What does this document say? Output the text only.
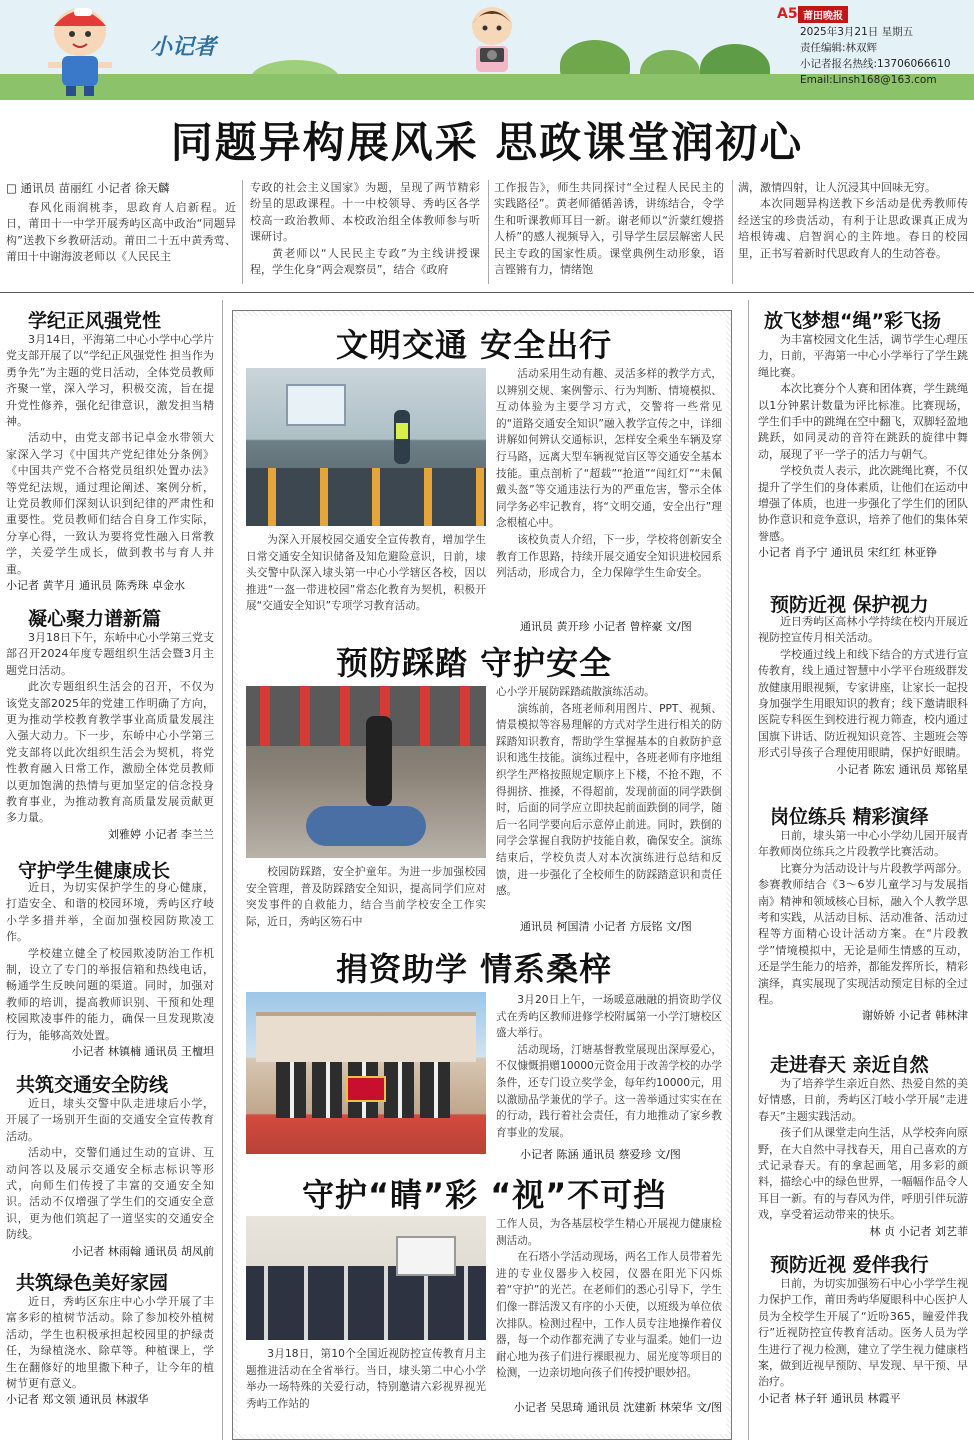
小记者
A5 莆田晚报
2025年3月21日 星期五
责任编辑:林双辉
小记者报名热线:13706066610
Email:Linsh168@163.com
同题异构展风采 思政课堂润初心
□ 通讯员 苗丽红 小记者 徐天麟

春风化雨润桃李，思政育人启新程。近日，莆田十一中学开展秀屿区高中政治“同题异构”送教下乡教研活动。莆田二十五中黄秀莺、莆田十中谢海波老师以《人民民主

专政的社会主义国家》为题，呈现了两节精彩纷呈的思政课程。十一中校领导、秀屿区各学校高一政治教师、本校政治组全体教师参与听课研讨。

黄老师以“人民民主专政”为主线讲授课程，学生化身“两会观察员”，结合《政府

工作报告》，师生共同探讨“全过程人民民主的实践路径”。黄老师循循善诱，讲练结合，令学生和听课教师耳目一新。谢老师以“沂蒙红嫂搭人桥”的感人视频导入，引导学生层层解密人民民主专政的国家性质。课堂典例生动形象，语言铿锵有力，情绪饱

满，激情四射，让人沉浸其中回味无穷。

本次同题异构送教下乡活动是优秀教师传经送宝的珍贵活动，有利于让思政课真正成为培根铸魂、启智润心的主阵地。春日的校园里，正书写着新时代思政育人的生动答卷。

学纪正风强党性

3月14日，平海第二中心小学中心学片党支部开展了以“学纪正风强党性 担当作为勇争先”为主题的党日活动，全体党员教师齐聚一堂，深入学习，积极交流，旨在提升党性修养，强化纪律意识，激发担当精神。

活动中，由党支部书记卓金水带领大家深入学习《中国共产党纪律处分条例》《中国共产党不合格党员组织处置办法》等党纪法规，通过理论阐述、案例分析，让党员教师们深刻认识到纪律的严肃性和重要性。党员教师们结合自身工作实际，分享心得，一致认为要将党性融入日常教学，关爱学生成长，做到教书与育人并重。

小记者 黄芊月 通讯员 陈秀珠 卓金水
凝心聚力谱新篇

3月18日下午，东峤中心小学第三党支部召开2024年度专题组织生活会暨3月主题党日活动。

此次专题组织生活会的召开，不仅为该党支部2025年的党建工作明确了方向，更为推动学校教育教学事业高质量发展注入强大动力。下一步，东峤中心小学第三党支部将以此次组织生活会为契机，将党性教育融入日常工作，激励全体党员教师以更加饱满的热情与更加坚定的信念投身教育事业，为推动教育高质量发展贡献更多力量。

刘雅婷 小记者 李兰兰
守护学生健康成长

近日，为切实保护学生的身心健康，打造安全、和谐的校园环境，秀屿区疗岐小学多措并举，全面加强校园防欺凌工作。

学校建立健全了校园欺凌防治工作机制，设立了专门的举报信箱和热线电话，畅通学生反映问题的渠道。同时，加强对教师的培训，提高教师识别、干预和处理校园欺凌事件的能力，确保一旦发现欺凌行为，能够高效处置。

小记者 林镇楠 通讯员 王檀坦
共筑交通安全防线

近日，埭头交警中队走进埭后小学，开展了一场别开生面的交通安全宣传教育活动。

活动中，交警们通过生动的宣讲、互动问答以及展示交通安全标志标识等形式，向师生们传授了丰富的交通安全知识。活动不仅增强了学生们的交通安全意识，更为他们筑起了一道坚实的交通安全防线。

小记者 林雨翰 通讯员 胡凤前
共筑绿色美好家园

近日，秀屿区东庄中心小学开展了丰富多彩的植树节活动。除了参加校外植树活动，学生也积极承担起校园里的护绿责任，为绿植浇水、除草等。种植课上，学生在翻修好的地里撒下种子，让今年的植树节更有意义。

小记者 郑文领 通讯员 林淑华
文明交通 安全出行

为深入开展校园交通安全宣传教育，增加学生日常交通安全知识储备及知危避险意识，日前，埭头交警中队深入埭头第一中心小学辖区各校，因以推进“一盔一带进校园”常态化教育为契机，积极开展“交通安全知识”专项学习教育活动。

活动采用生动有趣、灵活多样的教学方式，以辨别交规、案例警示、行为判断、情境模拟、互动体验为主要学习方式，交警将一些常见的“道路交通安全知识”融入教学宣传之中，详细讲解如何辨认交通标识，怎样安全乘坐车辆及穿行马路，远离大型车辆视觉盲区等交通安全基本技能。重点剖析了“超载”“抢道”“闯红灯”“未佩戴头盔”等交通违法行为的严重危害，警示全体同学务必牢记教育，将“文明交通，安全出行”理念根植心中。

该校负责人介绍，下一步，学校将创新安全教育工作思路，持续开展交通安全知识进校园系列活动，形成合力，全力保障学生生命安全。

通讯员 黄开珍 小记者 曾梓豪 文/图
预防踩踏 守护安全

校园防踩踏，安全护童年。为进一步加强校园安全管理，普及防踩踏安全知识，提高同学们应对突发事件的自救能力，结合当前学校安全工作实际，近日，秀屿区笏石中

心小学开展防踩踏疏散演练活动。

演练前，各班老师利用图片、PPT、视频、情景模拟等容易理解的方式对学生进行相关的防踩踏知识教育，帮助学生掌握基本的自救防护意识和逃生技能。演练过程中，各班老师有序地组织学生严格按照规定顺序上下楼，不抢不跑，不得拥挤、推搡，不得超前，发现前面的同学跌倒时，后面的同学应立即抉起前面跌倒的同学，随后一名同学要向后示意停止前进。同时，跌倒的同学会掌握自我防护技能自救，确保安全。演练结束后，学校负责人对本次演练进行总结和反馈，进一步强化了全校师生的防踩踏意识和责任感。

通讯员 柯国清 小记者 方辰铭 文/图
捐资助学 情系桑梓

3月20日上午，一场暖意融融的捐资助学仪式在秀屿区教师进修学校附属第一小学汀塘校区盛大举行。

活动现场，汀塘基督教堂展现出深厚爱心，不仅慷慨捐赠10000元资金用于改善学校的办学条件，还专门设立奖学金，每年约10000元，用以激励品学兼优的学子。这一善举通过实实在在的行动，践行着社会责任，有力地推动了家乡教育事业的发展。

小记者 陈涵 通讯员 蔡爱珍 文/图
守护“睛”彩 “视”不可挡

3月18日，第10个全国近视防控宣传教育月主题推进活动在全省举行。当日，埭头第二中心小学举办一场特殊的关爱行动，特别邀请六彩视界视光秀屿工作站的

工作人员，为各基层校学生精心开展视力健康检测活动。

在石塔小学活动现场，两名工作人员带着先进的专业仪器步入校园，仪器在阳光下闪烁着“守护”的光芒。在老师们的悉心引导下，学生们像一群活泼又有序的小天使，以班级为单位依次排队。检测过程中，工作人员专注地操作着仪器，每一个动作都充满了专业与温柔。她们一边耐心地为孩子们进行裸眼视力、屈光度等项目的检测，一边亲切地向孩子们传授护眼妙招。

小记者 吴思琦 通讯员 沈建新 林荣华 文/图
放飞梦想“绳”彩飞扬

为丰富校园文化生活，调节学生心理压力，日前，平海第一中心小学举行了学生跳绳比赛。

本次比赛分个人赛和团体赛，学生跳绳以1分钟累计数量为评比标准。比赛现场，学生们手中的跳绳在空中翻飞，双脚轻盈地跳跃，如同灵动的音符在跳跃的旋律中舞动，展现了平一学子的活力与朝气。

学校负责人表示，此次跳绳比赛，不仅提升了学生们的身体素质，让他们在运动中增强了体质，也进一步强化了学生们的团队协作意识和竞争意识，培养了他们的集体荣誉感。

小记者 肖予宁 通讯员 宋红红 林亚铮
预防近视 保护视力

近日秀屿区高林小学持续在校内开展近视防控宣传月相关活动。

学校通过线上和线下结合的方式进行宣传教育，线上通过智慧中小学平台班级群发放健康用眼视频，专家讲座，让家长一起投身加强学生用眼知识的教育；线下邀请眼科医院专科医生到校进行视力筛查，校内通过国旗下讲话、防近视知识竞答、主题班会等形式引导孩子合理使用眼睛，保护好眼睛。

小记者 陈宏 通讯员 郑铭星
岗位练兵 精彩演绎

日前，埭头第一中心小学幼儿园开展青年教师岗位练兵之片段教学比赛活动。

比赛分为活动设计与片段教学两部分。参赛教师结合《3～6岁儿童学习与发展指南》精神和领域核心目标，融入个人教学思考和实践，从活动目标、活动准备、活动过程等方面精心设计活动方案。在“片段教学”情境模拟中，无论是师生情感的互动，还是学生能力的培养，都能发挥所长，精彩演绎，真实展现了实现活动预定目标的全过程。

谢娇娇 小记者 韩林津
走进春天 亲近自然

为了培养学生亲近自然、热爱自然的美好情感，日前，秀屿区汀岐小学开展“走进春天”主题实践活动。

孩子们从课堂走向生活，从学校奔向原野，在大自然中寻找春天，用自己喜欢的方式记录春天。有的拿起画笔，用多彩的颜料，描绘心中的绿色世界，一幅幅作品令人耳目一新。有的与春风为伴，呼朋引伴玩游戏，享受着运动带来的快乐。

林 贞 小记者 刘艺菲
预防近视 爱伴我行

日前，为切实加强笏石中心小学学生视力保护工作，莆田秀屿华厦眼科中心医护人员为全校学生开展了“近吩365，瞳爱伴我行”近视防控宣传教育活动。医务人员为学生进行了视力检测，建立了学生视力健康档案，做到近视早预防、早发现、早干预、早治疗。

小记者 林子轩 通讯员 林霞平
